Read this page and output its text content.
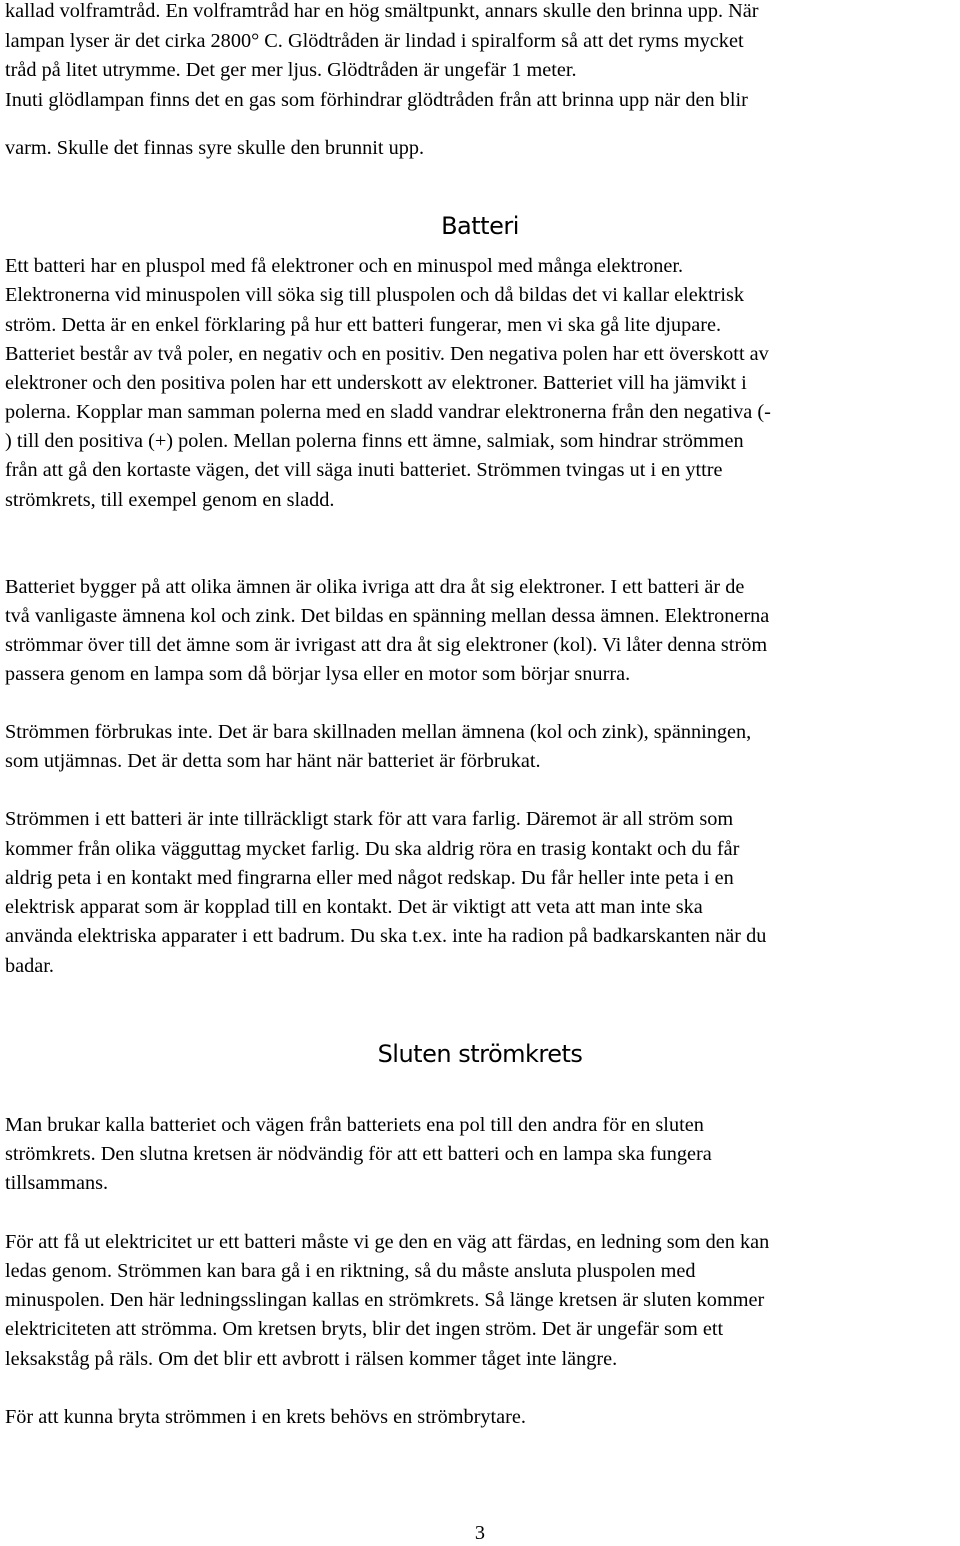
kallad volframtråd. En volframtråd har en hög smältpunkt, annars skulle den brinna upp. När
lampan lyser är det cirka 2800° C. Glödtråden är lindad i spiralform så att det ryms mycket
tråd på litet utrymme. Det ger mer ljus. Glödtråden är ungefär 1 meter.
Inuti glödlampan finns det en gas som förhindrar glödtråden från att brinna upp när den blir
varm. Skulle det finnas syre skulle den brunnit upp.
Batteri
Ett batteri har en pluspol med få elektroner och en minuspol med många elektroner.
Elektronerna vid minuspolen vill söka sig till pluspolen och då bildas det vi kallar elektrisk
ström. Detta är en enkel förklaring på hur ett batteri fungerar, men vi ska gå lite djupare.
Batteriet består av två poler, en negativ och en positiv. Den negativa polen har ett överskott av
elektroner och den positiva polen har ett underskott av elektroner. Batteriet vill ha jämvikt i
polerna. Kopplar man samman polerna med en sladd vandrar elektronerna från den negativa (-
) till den positiva (+) polen. Mellan polerna finns ett ämne, salmiak, som hindrar strömmen
från att gå den kortaste vägen, det vill säga inuti batteriet. Strömmen tvingas ut i en yttre
strömkrets, till exempel genom en sladd.
Batteriet bygger på att olika ämnen är olika ivriga att dra åt sig elektroner. I ett batteri är de
två vanligaste ämnena kol och zink. Det bildas en spänning mellan dessa ämnen. Elektronerna
strömmar över till det ämne som är ivrigast att dra åt sig elektroner (kol). Vi låter denna ström
passera genom en lampa som då börjar lysa eller en motor som börjar snurra.
Strömmen förbrukas inte. Det är bara skillnaden mellan ämnena (kol och zink), spänningen,
som utjämnas. Det är detta som har hänt när batteriet är förbrukat.
Strömmen i ett batteri är inte tillräckligt stark för att vara farlig. Däremot är all ström som
kommer från olika vägguttag mycket farlig. Du ska aldrig röra en trasig kontakt och du får
aldrig peta i en kontakt med fingrarna eller med något redskap. Du får heller inte peta i en
elektrisk apparat som är kopplad till en kontakt. Det är viktigt att veta att man inte ska
använda elektriska apparater i ett badrum. Du ska t.ex. inte ha radion på badkarskanten när du
badar.
Sluten strömkrets
Man brukar kalla batteriet och vägen från batteriets ena pol till den andra för en sluten
strömkrets. Den slutna kretsen är nödvändig för att ett batteri och en lampa ska fungera
tillsammans.
För att få ut elektricitet ur ett batteri måste vi ge den en väg att färdas, en ledning som den kan
ledas genom. Strömmen kan bara gå i en riktning, så du måste ansluta pluspolen med
minuspolen. Den här ledningsslingan kallas en strömkrets. Så länge kretsen är sluten kommer
elektriciteten att strömma. Om kretsen bryts, blir det ingen ström. Det är ungefär som ett
leksakståg på räls. Om det blir ett avbrott i rälsen kommer tåget inte längre.
För att kunna bryta strömmen i en krets behövs en strömbrytare.
3
